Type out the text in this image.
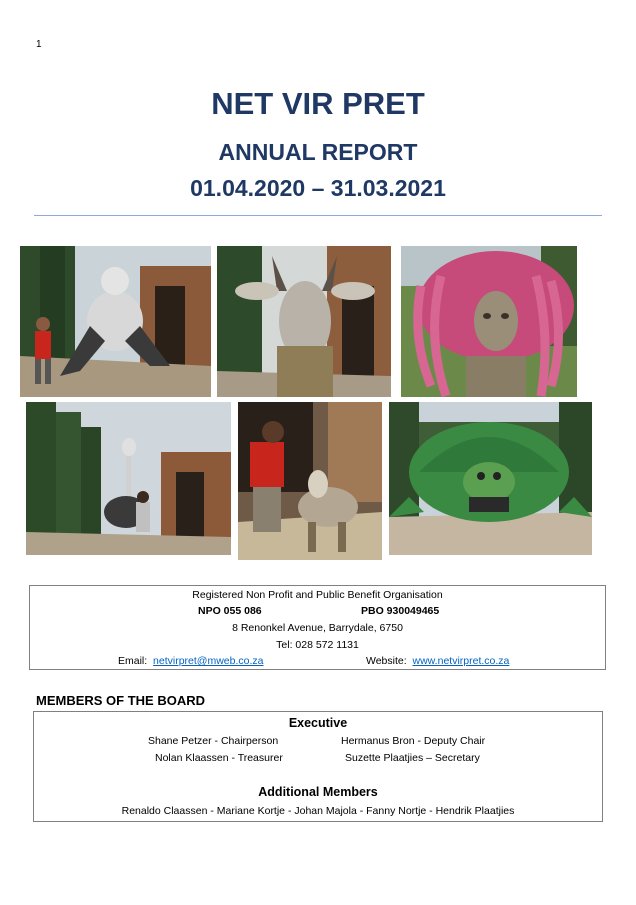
1
NET VIR PRET
ANNUAL REPORT
01.04.2020 – 31.03.2021
Registered Non Profit and Public Benefit Organisation
NPO 055 086	PBO 930049465
8 Renonkel Avenue, Barrydale, 6750
Tel: 028 572 1131
Email: netvirpret@mweb.co.za	Website: www.netvirpret.co.za
MEMBERS OF THE BOARD
Executive
Shane Petzer - Chairperson	Hermanus Bron - Deputy Chair
Nolan Klaassen - Treasurer	Suzette Plaatjies – Secretary
Additional Members
Renaldo Claassen - Mariane Kortje - Johan Majola - Fanny Nortje - Hendrik Plaatjies
